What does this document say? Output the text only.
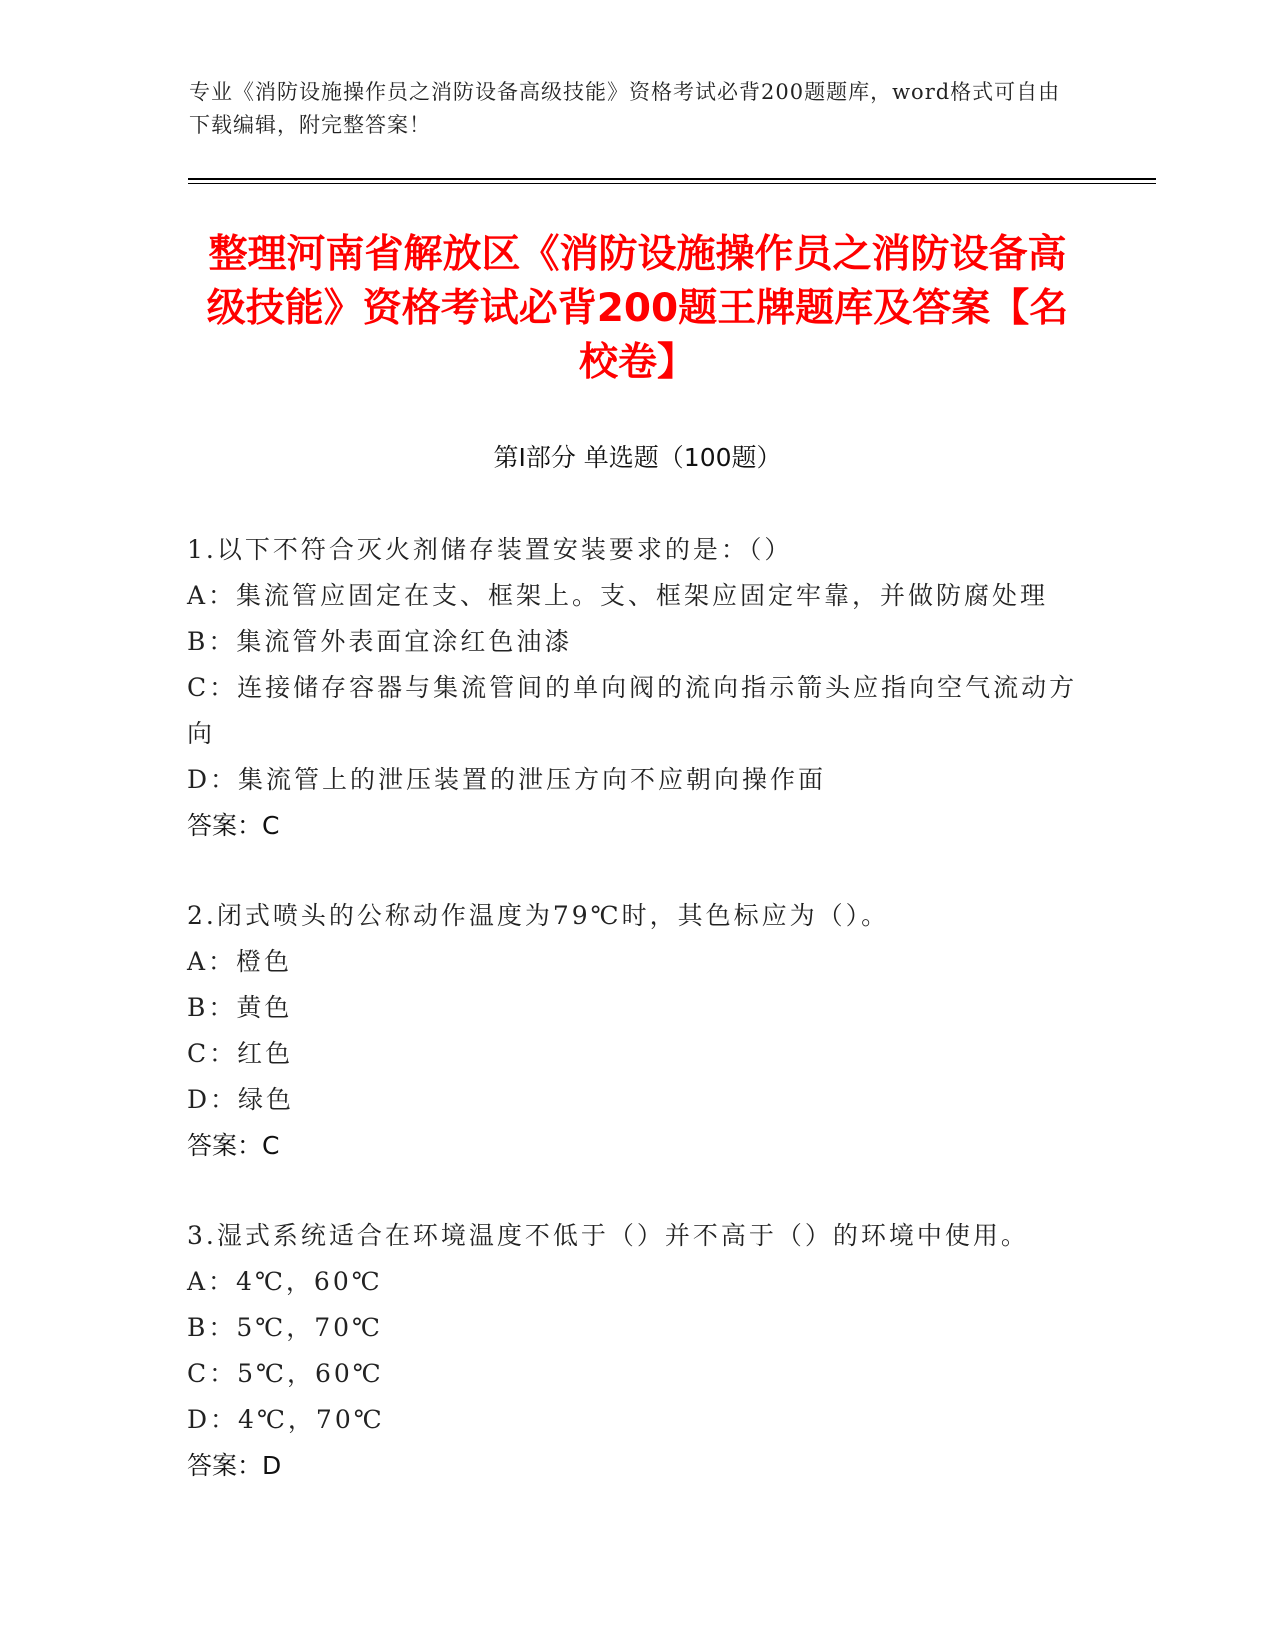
专业《消防设施操作员之消防设备高级技能》资格考试必背200题题库，word格式可自由下载编辑，附完整答案！
整理河南省解放区《消防设施操作员之消防设备高级技能》资格考试必背200题王牌题库及答案【名校卷】
第Ⅰ部分 单选题（100题）

1.以下不符合灭火剂储存装置安装要求的是：（）

A：集流管应固定在支、框架上。支、框架应固定牢靠，并做防腐处理

B：集流管外表面宜涂红色油漆

C：连接储存容器与集流管间的单向阀的流向指示箭头应指向空气流动方向

D：集流管上的泄压装置的泄压方向不应朝向操作面

答案：C

2.闭式喷头的公称动作温度为79℃时，其色标应为（）。

A：橙色

B：黄色

C：红色

D：绿色

答案：C

3.湿式系统适合在环境温度不低于（）并不高于（）的环境中使用。

A：4℃，60℃

B：5℃，70℃

C：5℃，60℃

D：4℃，70℃

答案：D
